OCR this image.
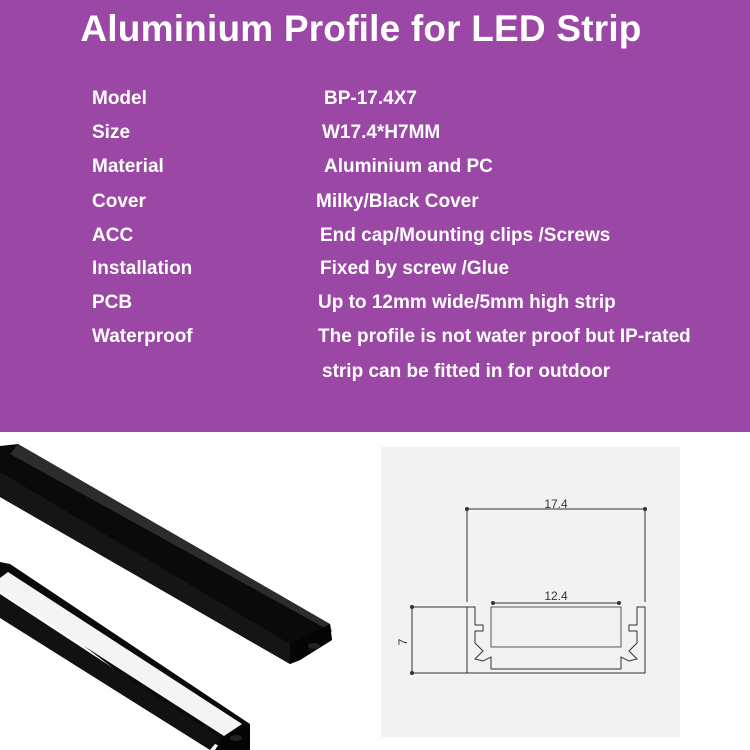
Aluminium Profile for LED Strip
Model	BP-17.4X7
Size	W17.4*H7MM
Material	Aluminium and PC
Cover	Milky/Black Cover
ACC	End cap/Mounting clips /Screws
Installation	Fixed by screw /Glue
PCB	Up to 12mm wide/5mm high strip
Waterproof	The profile is not water proof but IP-rated
strip can be fitted in for outdoor
17.4
12.4
7
